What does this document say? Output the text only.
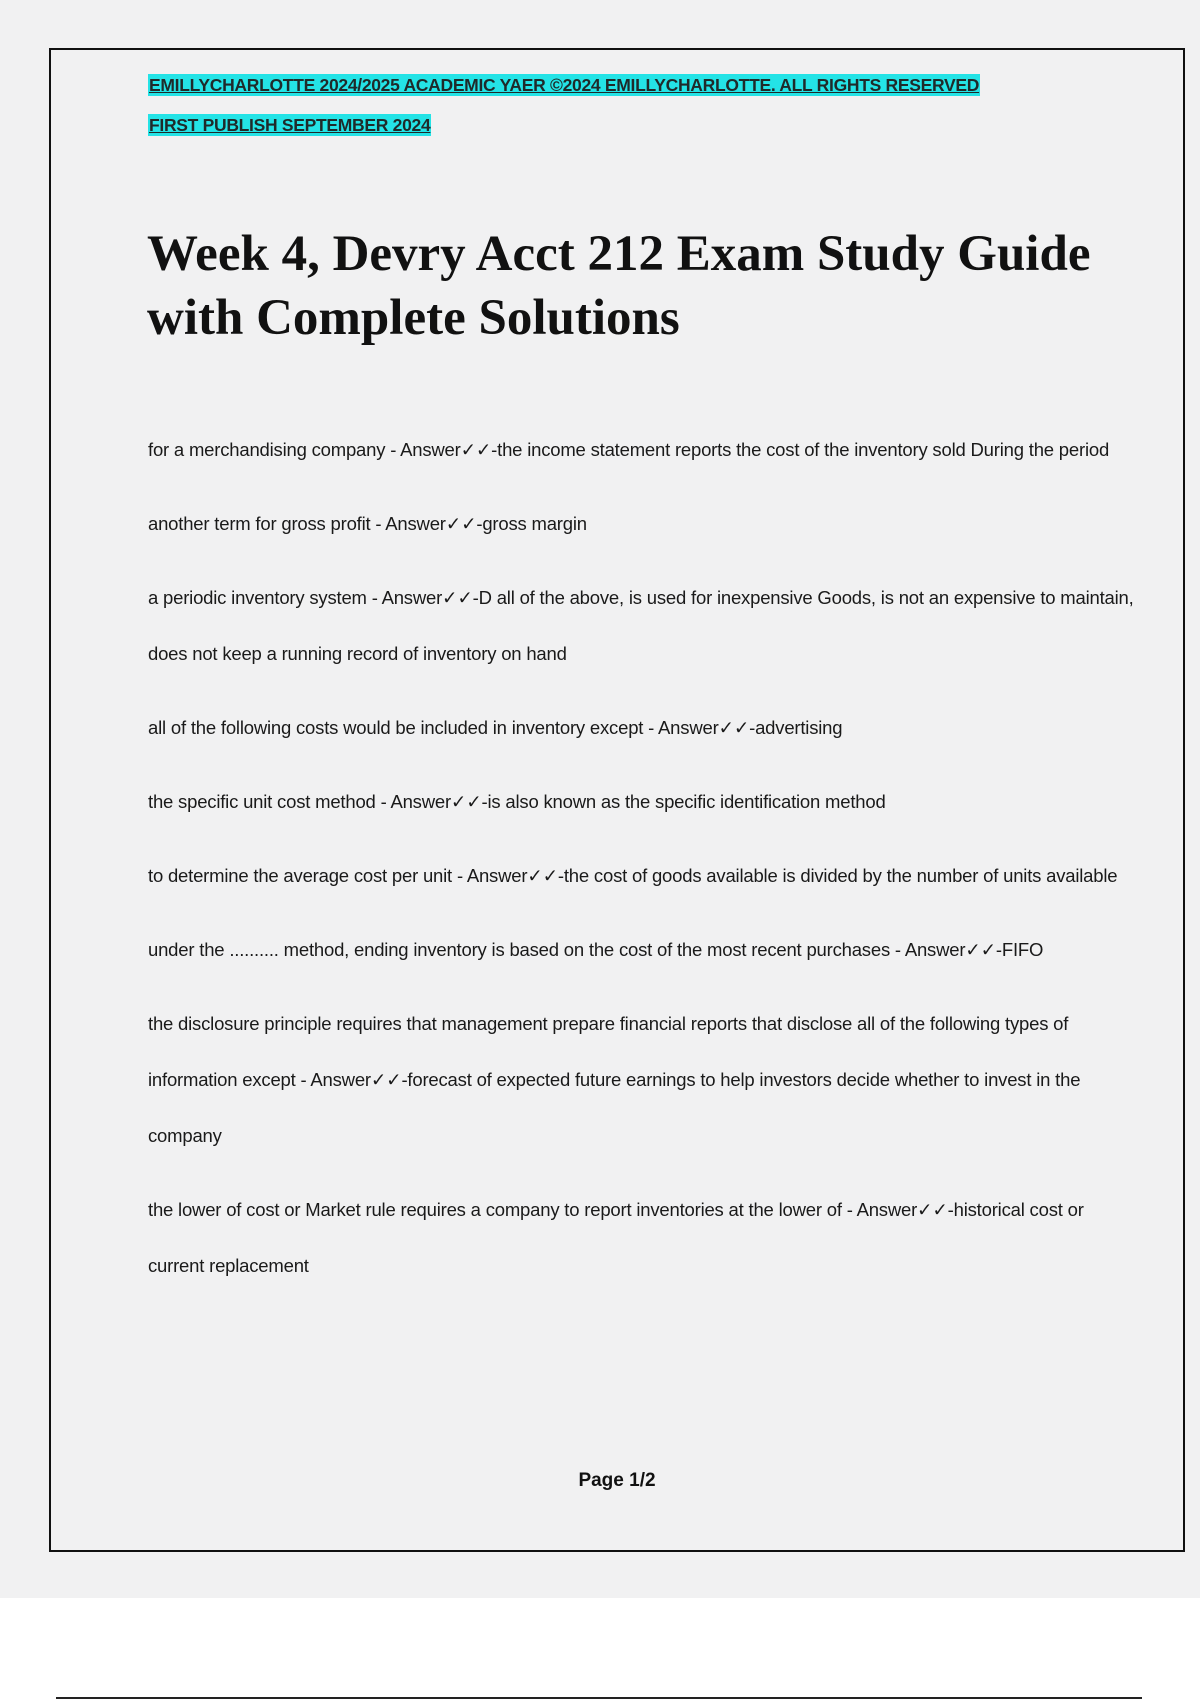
EMILLYCHARLOTTE 2024/2025 ACADEMIC YAER ©2024 EMILLYCHARLOTTE. ALL RIGHTS RESERVED
FIRST PUBLISH SEPTEMBER 2024
Week 4, Devry Acct 212 Exam Study Guide with Complete Solutions

for a merchandising company - Answer✓✓-the income statement reports the cost of the inventory sold During the period

another term for gross profit - Answer✓✓-gross margin

a periodic inventory system - Answer✓✓-D all of the above, is used for inexpensive Goods, is not an expensive to maintain, does not keep a running record of inventory on hand

all of the following costs would be included in inventory except - Answer✓✓-advertising

the specific unit cost method - Answer✓✓-is also known as the specific identification method

to determine the average cost per unit - Answer✓✓-the cost of goods available is divided by the number of units available

under the .......... method, ending inventory is based on the cost of the most recent purchases - Answer✓✓-FIFO

the disclosure principle requires that management prepare financial reports that disclose all of the following types of information except - Answer✓✓-forecast of expected future earnings to help investors decide whether to invest in the company

the lower of cost or Market rule requires a company to report inventories at the lower of - Answer✓✓-historical cost or current replacement

Page 1/2
